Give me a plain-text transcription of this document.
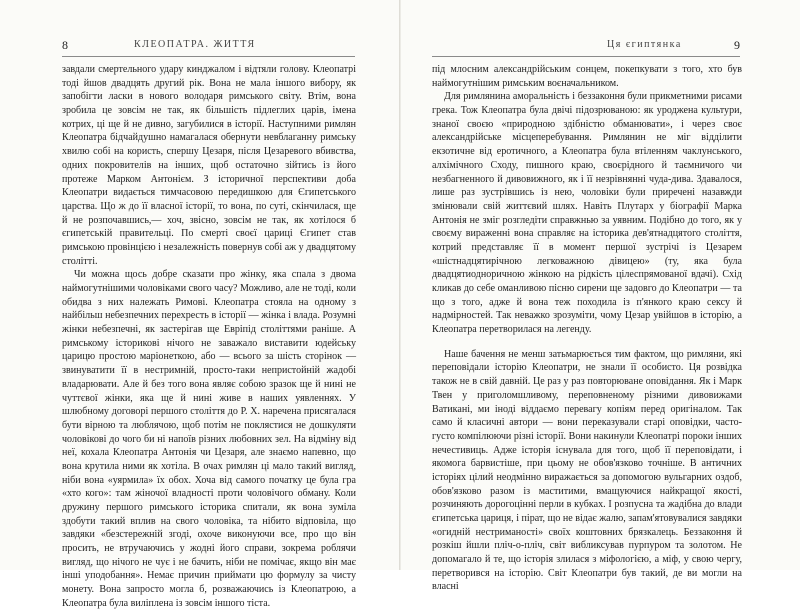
8	КЛЕОПАТРА. ЖИТТЯ

завдали смертельного удару кинджалом і відтяли голову. Клеопатрі тоді йшов двадцять другий рік. Вона не мала іншого вибору, як запобігти ласки в нового володаря римського світу. Втім, вона зробила це зовсім не так, як більшість підлеглих царів, імена котрих, ці ще й не дивно, загубилися в історії. Наступними римлян Клеопатра бідчайдушно намагалася обернути невблаганну римську хвилю собі на користь, спершу Цезаря, після Цезаревого вбивства, одних покровителів на інших, щоб остаточно зійтись із його протеже Марком Антонієм. З історичної перспективи доба Клеопатри видається тимчасовою передишкою для Єгипетського царства. Що ж до її власної історії, то вона, по суті, скінчилася, ще й не розпочавшись,— хоч, звісно, зовсім не так, як хотілося б єгипетській правительці. По смерті своєї цариці Єгипет став римською провінцією і незалежність повернув собі аж у двадцятому столітті.

Чи можна щось добре сказати про жінку, яка спала з двома наймогутнішими чоловіками свого часу? Можливо, але не тоді, коли обидва з них належать Римові. Клеопатра стояла на одному з найбільш небезпечних перехресть в історії — жінка і влада. Розумні жінки небезпечні, як застерігав ще Евріпід століттями раніше. А римському історикові нічого не заважало виставити юдейську царицю простою маріонеткою, або — всього за шість сторінок — звинуватити її в нестримній, просто-таки непристойній жадобі владарювати. Але й без того вона являє собою зразок ще й нині не чуттєвої жінки, яка ще й нині живе в наших уявленнях. У шлюбному договорі першого століття до Р. Х. наречена присягалася бути вірною та люблячою, щоб потім не поклястися не дошкуляти чоловікові до чого би ні напоїв різних любовних зел. На відміну від неї, кохала Клеопатра Антонія чи Цезаря, але знаємо напевно, що вона крутила ними як хотіла. В очах римлян ці мало такий вигляд, ніби вона «уярмила» їх обох. Хоча від самого початку це була гра «хто кого»: там жіночої владності проти чоловічого обману. Коли дружину першого римського історика спитали, як вона зуміла здобути такий вплив на свого чоловіка, та нібито відповіла, що завдяки «безстережній згоді, охоче виконуючи все, про що він просить, не втручаючись у жодні його справи, зокрема роблячи вигляд, що нічого не чує і не бачить, ніби не помічає, якщо він має інші уподобання». Немає причин приймати цю формулу за чисту монету. Вона запросто могла б, розважаючись із Клеопатрою, а Клеопатра була виліплена із зовсім іншого тіста.

Ця єгиптянка	9

під млосним александрійським сонцем, покепкувати з того, хто був наймогутнішим римським воєначальником.

Для римлянина аморальність і беззаконня були прикметними рисами грека. Тож Клеопатра була двічі підозрюваною: як уроджена культури, знаної своєю «природною здібністю обманювати», і через своє александрійське місцеперебування. Римлянин не міг відділити екзотичне від еротичного, а Клеопатра була втіленням чаклунського, алхімічного Сходу, пишного краю, своєрідного й таємничого чи незбагненного й дивовижного, як і її незрівнянні чуда-дива. Здавалося, лише раз зустрівшись із нею, чоловіки були приречені назавжди змінювали свій життєвий шлях. Навіть Плутарх у біографії Марка Антонія не зміг розгледіти справжнью за уявним. Подібно до того, як у своєму вираженні вона справляє на історика дев'ятнадцятого століття, котрий представляє її в момент першої зустрічі із Цезарем «шістнадцятирічною легковажною дівицею» (ту, яка була двадцятиодноричною жінкою на рідкість цілеспрямованої вдачі). Схід кликав до себе оманливою пісню сирени ще задовго до Клеопатри — та що з того, адже й вона теж походила із п'янкого краю сексу й надмірностей. Так неважко зрозуміти, чому Цезар увійшов в історію, а Клеопатра перетворилася на легенду.

Наше бачення не менш затьмарюється тим фактом, що римляни, які переповідали історію Клеопатри, не знали її особисто. Ця розвідка також не в свій давній. Це раз у раз повторюване оповідання. Як і Марк Твен у приголомшливому, переповненому різними дивовижами Ватикані, ми іноді віддаємо перевагу копіям перед оригіналом. Так само й класичні автори — вони переказували старі оповідки, часто-густо компілюючи різні історії. Вони накинули Клеопатрі пороки інших нечестивиць. Адже історія існувала для того, щоб її переповідати, і якомога барвистіше, при цьому не обов'язково точніше. В античних історіях цілий неодмінно виражається за допомогою вульгарних оздоб, обов'язково разом із маститими, вмащуючися найкращої якості, розчиняють дорогоцінні перли в кубках. І розпусна та жадібна до влади єгипетська цариця, і пірат, що не відає жалю, запам'ятовувалися завдяки «огидній нестриманості» своїх коштовних брязкалець. Беззаконня й розкіш йшли пліч-о-пліч, світ вибликсував пурпуром та золотом. Не допомагало й те, що історія злилася з міфологією, а міф, у свою чергу, перетворився на історію. Світ Клеопатри був такий, де ви могли на власні
